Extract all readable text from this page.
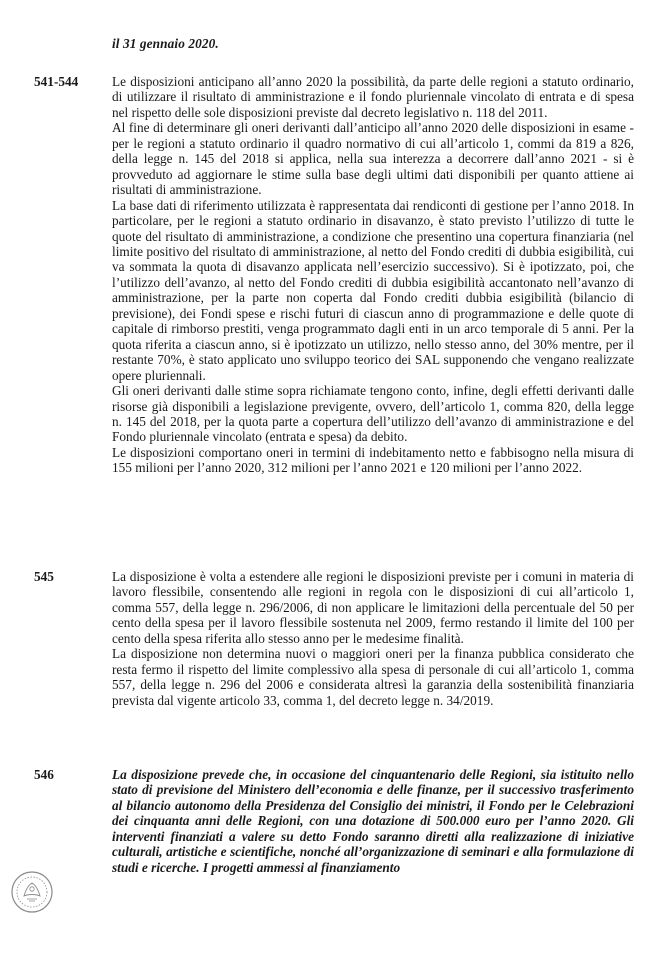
il 31 gennaio 2020.
541-544	Le disposizioni anticipano all’anno 2020 la possibilità, da parte delle regioni a statuto ordinario, di utilizzare il risultato di amministrazione e il fondo pluriennale vincolato di entrata e di spesa nel rispetto delle sole disposizioni previste dal decreto legislativo n. 118 del 2011.

Al fine di determinare gli oneri derivanti dall’anticipo all’anno 2020 delle disposizioni in esame - per le regioni a statuto ordinario il quadro normativo di cui all’articolo 1, commi da 819 a 826, della legge n. 145 del 2018 si applica, nella sua interezza a decorrere dall’anno 2021 - si è provveduto ad aggiornare le stime sulla base degli ultimi dati disponibili per quanto attiene ai risultati di amministrazione.

La base dati di riferimento utilizzata è rappresentata dai rendiconti di gestione per l’anno 2018. In particolare, per le regioni a statuto ordinario in disavanzo, è stato previsto l’utilizzo di tutte le quote del risultato di amministrazione, a condizione che presentino una copertura finanziaria (nel limite positivo del risultato di amministrazione, al netto del Fondo crediti di dubbia esigibilità, cui va sommata la quota di disavanzo applicata nell’esercizio successivo). Si è ipotizzato, poi, che l’utilizzo dell’avanzo, al netto del Fondo crediti di dubbia esigibilità accantonato nell’avanzo di amministrazione, per la parte non coperta dal Fondo crediti dubbia esigibilità (bilancio di previsione), dei Fondi spese e rischi futuri di ciascun anno di programmazione e delle quote di capitale di rimborso prestiti, venga programmato dagli enti in un arco temporale di 5 anni. Per la quota riferita a ciascun anno, si è ipotizzato un utilizzo, nello stesso anno, del 30% mentre, per il restante 70%, è stato applicato uno sviluppo teorico dei SAL supponendo che vengano realizzate opere pluriennali.

Gli oneri derivanti dalle stime sopra richiamate tengono conto, infine, degli effetti derivanti dalle risorse già disponibili a legislazione previgente, ovvero, dell’articolo 1, comma 820, della legge n. 145 del 2018, per la quota parte a copertura dell’utilizzo dell’avanzo di amministrazione e del Fondo pluriennale vincolato (entrata e spesa) da debito.

Le disposizioni comportano oneri in termini di indebitamento netto e fabbisogno nella misura di 155 milioni per l’anno 2020, 312 milioni per l’anno 2021 e 120 milioni per l’anno 2022.

545	La disposizione è volta a estendere alle regioni le disposizioni previste per i comuni in materia di lavoro flessibile, consentendo alle regioni in regola con le disposizioni di cui all’articolo 1, comma 557, della legge n. 296/2006, di non applicare le limitazioni della percentuale del 50 per cento della spesa per il lavoro flessibile sostenuta nel 2009, fermo restando il limite del 100 per cento della spesa riferita allo stesso anno per le medesime finalità.

La disposizione non determina nuovi o maggiori oneri per la finanza pubblica considerato che resta fermo il rispetto del limite complessivo alla spesa di personale di cui all’articolo 1, comma 557, della legge n. 296 del 2006 e considerata altresì la garanzia della sostenibilità finanziaria prevista dal vigente articolo 33, comma 1, del decreto legge n. 34/2019.

546	La disposizione prevede che, in occasione del cinquantenario delle Regioni, sia istituito nello stato di previsione del Ministero dell’economia e delle finanze, per il successivo trasferimento al bilancio autonomo della Presidenza del Consiglio dei ministri, il Fondo per le Celebrazioni dei cinquanta anni delle Regioni, con una dotazione di 500.000 euro per l’anno 2020. Gli interventi finanziati a valere su detto Fondo saranno diretti alla realizzazione di iniziative culturali, artistiche e scientifiche, nonché all’organizzazione di seminari e alla formulazione di studi e ricerche. I progetti ammessi al finanziamento
